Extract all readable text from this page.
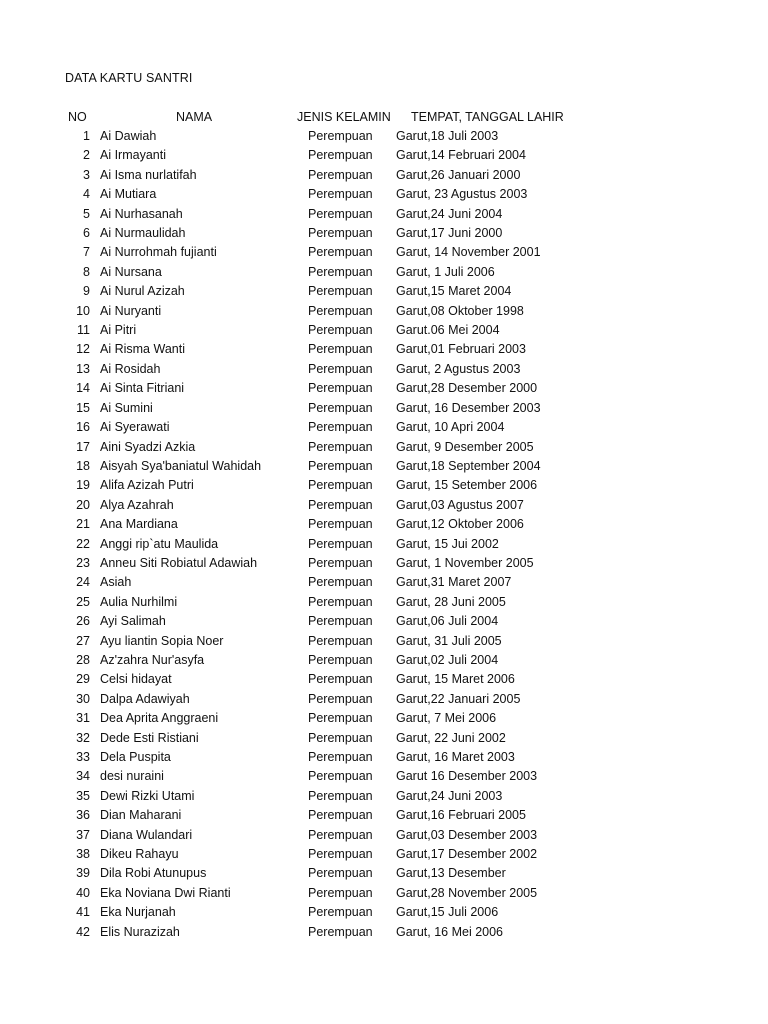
DATA KARTU SANTRI
NO	NAMA	JENIS KELAMIN TEMPAT, TANGGAL LAHIR
1 Ai Dawiah	Perempuan Garut,18 Juli 2003
2 Ai Irmayanti	Perempuan Garut,14 Februari 2004
3 Ai Isma nurlatifah	Perempuan Garut,26 Januari 2000
4 Ai Mutiara	Perempuan Garut, 23 Agustus 2003
5 Ai Nurhasanah	Perempuan Garut,24 Juni 2004
6 Ai Nurmaulidah	Perempuan Garut,17 Juni 2000
7 Ai Nurrohmah fujianti	Perempuan Garut, 14 November 2001
8 Ai Nursana	Perempuan Garut, 1 Juli 2006
9 Ai Nurul Azizah	Perempuan Garut,15 Maret 2004
10 Ai Nuryanti	Perempuan Garut,08 Oktober 1998
11 Ai Pitri	Perempuan Garut.06 Mei 2004
12 Ai Risma Wanti	Perempuan Garut,01 Februari 2003
13 Ai Rosidah	Perempuan Garut, 2 Agustus 2003
14 Ai Sinta Fitriani	Perempuan Garut,28 Desember 2000
15 Ai Sumini	Perempuan Garut, 16 Desember 2003
16 Ai Syerawati	Perempuan Garut, 10 Apri 2004
17 Aini Syadzi Azkia	Perempuan Garut, 9 Desember 2005
18 Aisyah Sya'baniatul Wahidah	Perempuan Garut,18 September 2004
19 Alifa Azizah Putri	Perempuan Garut, 15 Setember 2006
20 Alya Azahrah	Perempuan Garut,03 Agustus 2007
21 Ana Mardiana	Perempuan Garut,12 Oktober 2006
22 Anggi rip`atu Maulida	Perempuan Garut, 15 Jui 2002
23 Anneu Siti Robiatul Adawiah	Perempuan Garut, 1 November 2005
24 Asiah	Perempuan Garut,31 Maret 2007
25 Aulia Nurhilmi	Perempuan Garut, 28 Juni 2005
26 Ayi Salimah	Perempuan Garut,06 Juli 2004
27 Ayu liantin Sopia Noer	Perempuan Garut, 31 Juli 2005
28 Az'zahra Nur'asyfa	Perempuan Garut,02 Juli 2004
29 Celsi hidayat	Perempuan Garut, 15 Maret 2006
30 Dalpa Adawiyah	Perempuan Garut,22 Januari 2005
31 Dea Aprita Anggraeni	Perempuan Garut, 7 Mei 2006
32 Dede Esti Ristiani	Perempuan Garut, 22 Juni 2002
33 Dela Puspita	Perempuan Garut, 16 Maret 2003
34 desi nuraini	Perempuan Garut 16 Desember 2003
35 Dewi Rizki Utami	Perempuan Garut,24 Juni 2003
36 Dian Maharani	Perempuan Garut,16 Februari 2005
37 Diana Wulandari	Perempuan Garut,03 Desember 2003
38 Dikeu Rahayu	Perempuan Garut,17 Desember 2002
39 Dila Robi Atunupus	Perempuan Garut,13 Desember
40 Eka Noviana Dwi Rianti	Perempuan Garut,28 November 2005
41 Eka Nurjanah	Perempuan Garut,15 Juli 2006
42 Elis Nurazizah	Perempuan Garut, 16 Mei 2006
